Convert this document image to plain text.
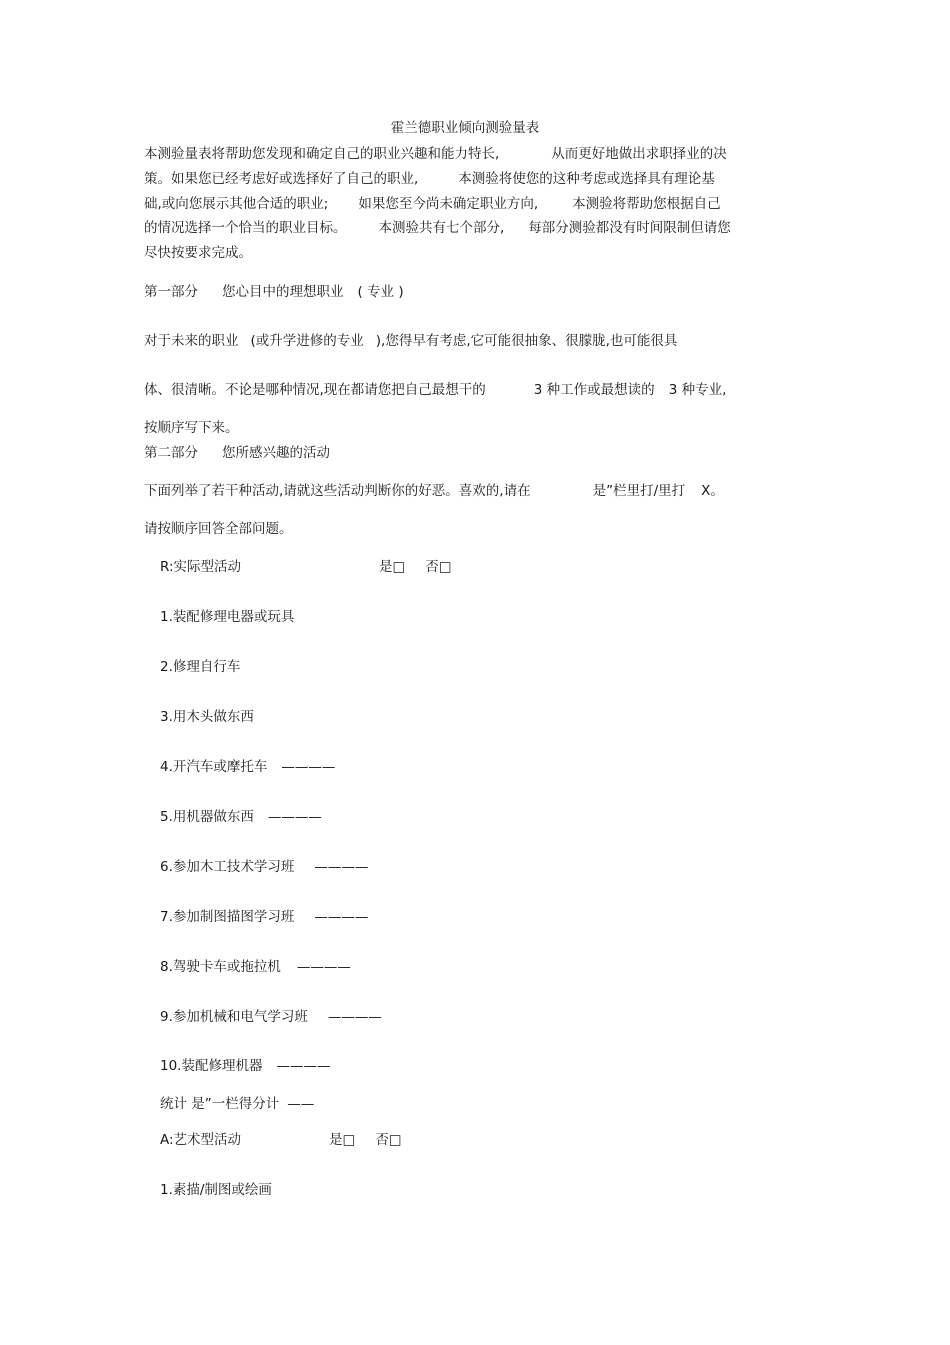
霍兰德职业倾向测验量表
本测验量表将帮助您发现和确定自己的职业兴趣和能力特长,	从而更好地做出求职择业的决
策。如果您已经考虑好或选择好了自己的职业,	本测验将使您的这种考虑或选择具有理论基
础,或向您展示其他合适的职业; 如果您至今尚未确定职业方向,	本测验将帮助您根据自己
的情况选择一个恰当的职业目标。 本测验共有七个部分, 每部分测验都没有时间限制但请您
尽快按要求完成。
第一部分 您心目中的理想职业 ( 专业 )
对于未来的职业 (或升学进修的专业 ),您得早有考虑,它可能很抽象、很朦胧,也可能很具
体、很清晰。不论是哪种情况,现在都请您把自己最想干的	3 种工作或最想读的 3 种专业,
按顺序写下来。
第二部分 您所感兴趣的活动
下面列举了若干种活动,请就这些活动判断你的好恶。喜欢的,请在	是”栏里打/里打 X。
请按顺序回答全部问题。
R:实际型活动	是□ 否□
1.装配修理电器或玩具
2.修理自行车
3.用木头做东西
4.开汽车或摩托车 ————
5.用机器做东西 ————
6.参加木工技术学习班 ————
7.参加制图描图学习班 ————
8.驾驶卡车或拖拉机 ————
9.参加机械和电气学习班 ————
10.装配修理机器 ————
统计 是”一栏得分计 ——
A:艺术型活动	是□ 否□
1.素描/制图或绘画
